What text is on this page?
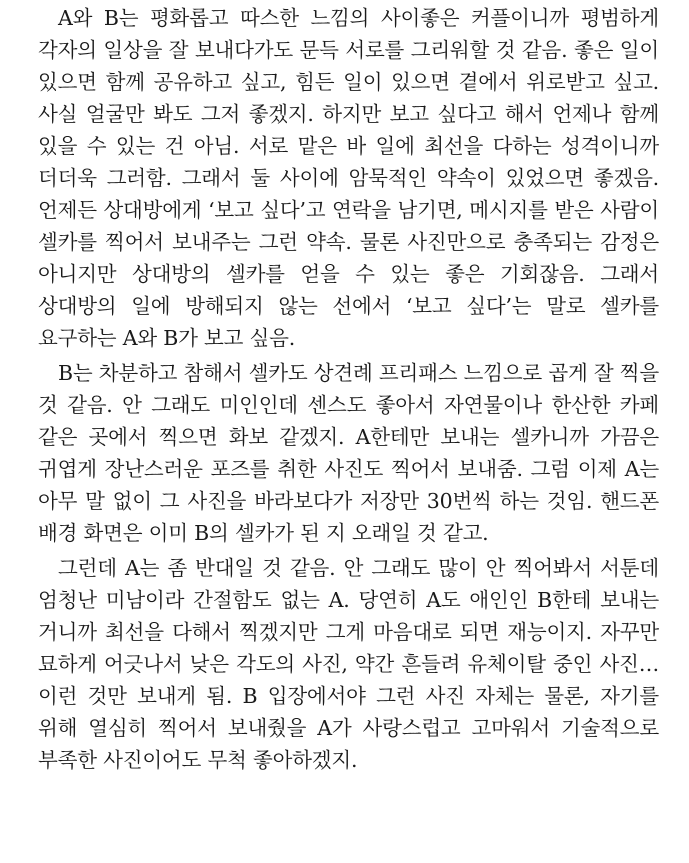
A와 B는 평화롭고 따스한 느낌의 사이좋은 커플이니까 평범하게 각자의 일상을 잘 보내다가도 문득 서로를 그리워할 것 같음. 좋은 일이 있으면 함께 공유하고 싶고, 힘든 일이 있으면 곁에서 위로받고 싶고. 사실 얼굴만 봐도 그저 좋겠지. 하지만 보고 싶다고 해서 언제나 함께 있을 수 있는 건 아님. 서로 맡은 바 일에 최선을 다하는 성격이니까 더더욱 그러함. 그래서 둘 사이에 암묵적인 약속이 있었으면 좋겠음. 언제든 상대방에게 ‘보고 싶다’고 연락을 남기면, 메시지를 받은 사람이 셀카를 찍어서 보내주는 그런 약속. 물론 사진만으로 충족되는 감정은 아니지만 상대방의 셀카를 얻을 수 있는 좋은 기회잖음. 그래서 상대방의 일에 방해되지 않는 선에서 ‘보고 싶다’는 말로 셀카를 요구하는 A와 B가 보고 싶음.

B는 차분하고 참해서 셀카도 상견례 프리패스 느낌으로 곱게 잘 찍을 것 같음. 안 그래도 미인인데 센스도 좋아서 자연물이나 한산한 카페 같은 곳에서 찍으면 화보 같겠지. A한테만 보내는 셀카니까 가끔은 귀엽게 장난스러운 포즈를 취한 사진도 찍어서 보내줌. 그럼 이제 A는 아무 말 없이 그 사진을 바라보다가 저장만 30번씩 하는 것임. 핸드폰 배경 화면은 이미 B의 셀카가 된 지 오래일 것 같고.

그런데 A는 좀 반대일 것 같음. 안 그래도 많이 안 찍어봐서 서툰데 엄청난 미남이라 간절함도 없는 A. 당연히 A도 애인인 B한테 보내는 거니까 최선을 다해서 찍겠지만 그게 마음대로 되면 재능이지. 자꾸만 묘하게 어긋나서 낮은 각도의 사진, 약간 흔들려 유체이탈 중인 사진… 이런 것만 보내게 됨. B 입장에서야 그런 사진 자체는 물론, 자기를 위해 열심히 찍어서 보내줬을 A가 사랑스럽고 고마워서 기술적으로 부족한 사진이어도 무척 좋아하겠지.
